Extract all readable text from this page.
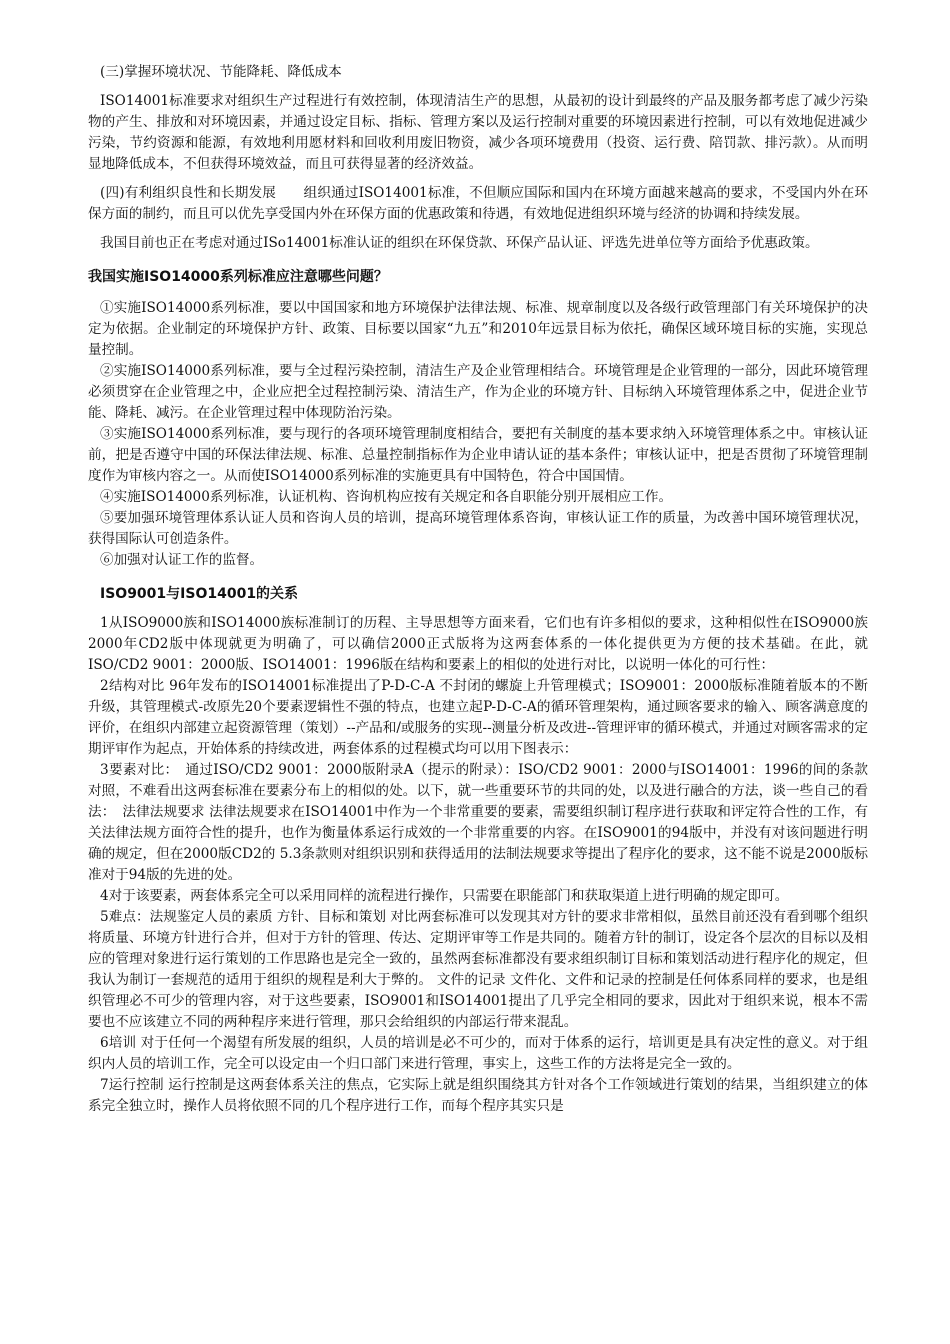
(三)掌握环境状况、节能降耗、降低成本

ISO14001标准要求对组织生产过程进行有效控制，体现清洁生产的思想，从最初的设计到最终的产品及服务都考虑了减少污染物的产生、排放和对环境因素，并通过设定目标、指标、管理方案以及运行控制对重要的环境因素进行控制，可以有效地促进减少污染，节约资源和能源，有效地利用愿材料和回收利用废旧物资，减少各项环境费用（投资、运行费、陪罚款、排污款）。从而明显地降低成本，不但获得环境效益，而且可获得显著的经济效益。

(四)有利组织良性和长期发展　　组织通过ISO14001标准，不但顺应国际和国内在环境方面越来越高的要求，不受国内外在环保方面的制约，而且可以优先享受国内外在环保方面的优惠政策和待遇，有效地促进组织环境与经济的协调和持续发展。

我国目前也正在考虑对通过ISo14001标准认证的组织在环保贷款、环保产品认证、评选先进单位等方面给予优惠政策。

我国实施ISO14000系列标准应注意哪些问题？

①实施ISO14000系列标准，要以中国国家和地方环境保护法律法规、标准、规章制度以及各级行政管理部门有关环境保护的决定为依据。企业制定的环境保护方针、政策、目标要以国家“九五”和2010年远景目标为依托，确保区域环境目标的实施，实现总量控制。

②实施ISO14000系列标准，要与全过程污染控制，清洁生产及企业管理相结合。环境管理是企业管理的一部分，因此环境管理必须贯穿在企业管理之中，企业应把全过程控制污染、清洁生产，作为企业的环境方针、目标纳入环境管理体系之中，促进企业节能、降耗、减污。在企业管理过程中体现防治污染。

③实施ISO14000系列标准，要与现行的各项环境管理制度相结合，要把有关制度的基本要求纳入环境管理体系之中。审核认证前，把是否遵守中国的环保法律法规、标准、总量控制指标作为企业申请认证的基本条件；审核认证中，把是否贯彻了环境管理制度作为审核内容之一。从而使ISO14000系列标准的实施更具有中国特色，符合中国国情。

④实施ISO14000系列标准，认证机构、咨询机构应按有关规定和各自职能分别开展相应工作。

⑤要加强环境管理体系认证人员和咨询人员的培训，提高环境管理体系咨询，审核认证工作的质量，为改善中国环境管理状况，获得国际认可创造条件。

⑥加强对认证工作的监督。

ISO9001与ISO14001的关系

1从ISO9000族和ISO14000族标准制订的历程、主导思想等方面来看，它们也有许多相似的要求，这种相似性在ISO9000族2000年CD2版中体现就更为明确了，可以确信2000正式版将为这两套体系的一体化提供更为方便的技术基础。在此，就ISO/CD2 9001：2000版、ISO14001：1996版在结构和要素上的相似的处进行对比，以说明一体化的可行性：

2结构对比 96年发布的ISO14001标准提出了P-D-C-A 不封闭的螺旋上升管理模式；ISO9001：2000版标准随着版本的不断升级，其管理模式-改原先20个要素逻辑性不强的特点，也建立起P-D-C-A的循环管理架构，通过顾客要求的输入、顾客满意度的评价，在组织内部建立起资源管理（策划）--产品和/或服务的实现--测量分析及改进--管理评审的循环模式，并通过对顾客需求的定期评审作为起点，开始体系的持续改进，两套体系的过程模式均可以用下图表示：

3要素对比：　通过ISO/CD2 9001：2000版附录A（提示的附录）：ISO/CD2 9001：2000与ISO14001：1996的间的条款对照，不难看出这两套标准在要素分布上的相似的处。以下，就一些重要环节的共同的处，以及进行融合的方法，谈一些自己的看法：　法律法规要求 法律法规要求在ISO14001中作为一个非常重要的要素，需要组织制订程序进行获取和评定符合性的工作，有关法律法规方面符合性的提升，也作为衡量体系运行成效的一个非常重要的内容。在ISO9001的94版中，并没有对该问题进行明确的规定，但在2000版CD2的 5.3条款则对组织识别和获得适用的法制法规要求等提出了程序化的要求，这不能不说是2000版标准对于94版的先进的处。

4对于该要素，两套体系完全可以采用同样的流程进行操作，只需要在职能部门和获取渠道上进行明确的规定即可。

5难点：法规鉴定人员的素质 方针、目标和策划 对比两套标准可以发现其对方针的要求非常相似，虽然目前还没有看到哪个组织将质量、环境方针进行合并，但对于方针的管理、传达、定期评审等工作是共同的。随着方针的制订，设定各个层次的目标以及相应的管理对象进行运行策划的工作思路也是完全一致的，虽然两套标准都没有要求组织制订目标和策划活动进行程序化的规定，但我认为制订一套规范的适用于组织的规程是利大于弊的。 文件的记录 文件化、文件和记录的控制是任何体系同样的要求，也是组织管理必不可少的管理内容，对于这些要素，ISO9001和ISO14001提出了几乎完全相同的要求，因此对于组织来说，根本不需要也不应该建立不同的两种程序来进行管理，那只会给组织的内部运行带来混乱。

6培训 对于任何一个渴望有所发展的组织，人员的培训是必不可少的，而对于体系的运行，培训更是具有决定性的意义。对于组织内人员的培训工作，完全可以设定由一个归口部门来进行管理，事实上，这些工作的方法将是完全一致的。

7运行控制 运行控制是这两套体系关注的焦点，它实际上就是组织围绕其方针对各个工作领域进行策划的结果，当组织建立的体系完全独立时，操作人员将依照不同的几个程序进行工作，而每个程序其实只是
